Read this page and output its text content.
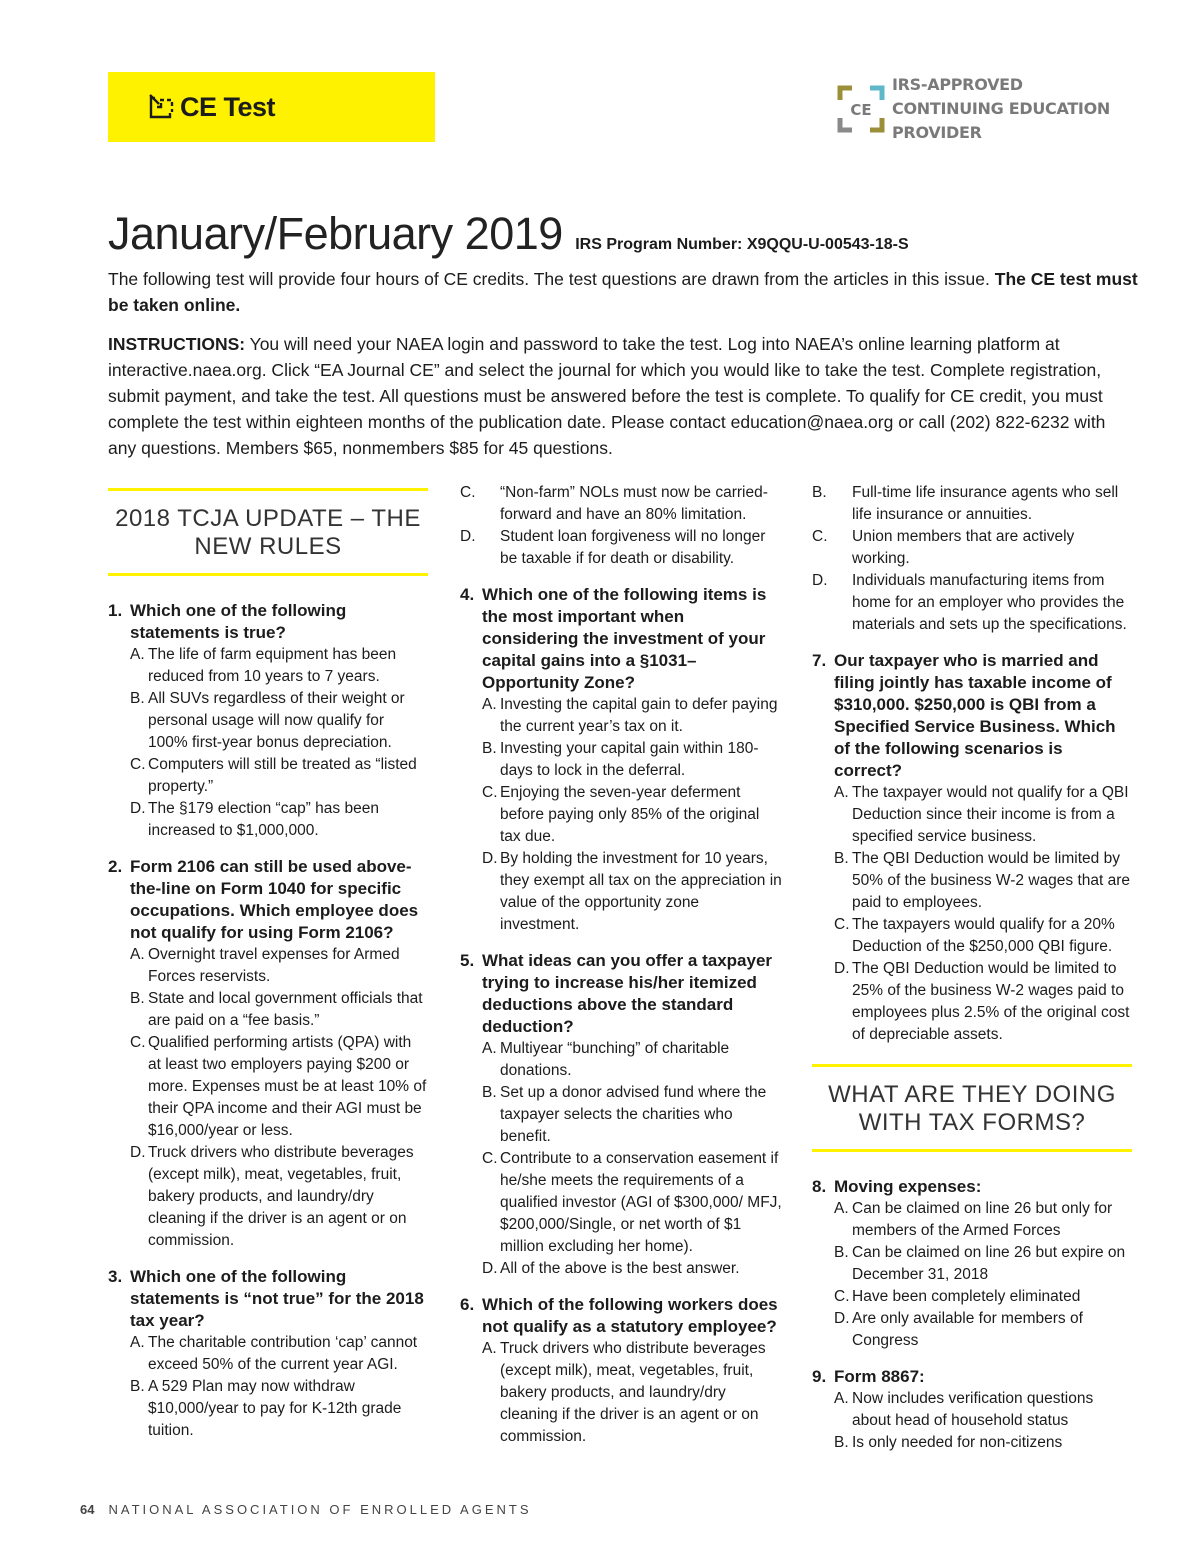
CE Test	CE
IRS-APPROVED
CONTINUING EDUCATION
PROVIDER
January/February 2019 IRS Program Number: X9QQU-U-00543-18-S
The following test will provide four hours of CE credits. The test questions are drawn from the articles in this issue. The CE test must be taken online.
INSTRUCTIONS: You will need your NAEA login and password to take the test. Log into NAEA’s online learning platform at interactive.naea.org. Click “EA Journal CE” and select the journal for which you would like to take the test. Complete registration, submit payment, and take the test. All questions must be answered before the test is complete. To qualify for CE credit, you must complete the test within eighteen months of the publication date. Please contact education@naea.org or call (202) 822-6232 with any questions. Members $65, nonmembers $85 for 45 questions.
2018 TCJA UPDATE – THE NEW RULES
1. Which one of the following statements is true?
A. The life of farm equipment has been reduced from 10 years to 7 years.
B. All SUVs regardless of their weight or personal usage will now qualify for 100% first-year bonus depreciation.
C. Computers will still be treated as “listed property.”
D. The §179 election “cap” has been increased to $1,000,000.
2. Form 2106 can still be used above-the-line on Form 1040 for specific occupations. Which employee does not qualify for using Form 2106?
A. Overnight travel expenses for Armed Forces reservists.
B. State and local government officials that are paid on a “fee basis.”
C. Qualified performing artists (QPA) with at least two employers paying $200 or more. Expenses must be at least 10% of their QPA income and their AGI must be $16,000/year or less.
D. Truck drivers who distribute beverages (except milk), meat, vegetables, fruit, bakery products, and laundry/dry cleaning if the driver is an agent or on commission.
3. Which one of the following statements is “not true” for the 2018 tax year?
A. The charitable contribution ‘cap’ cannot exceed 50% of the current year AGI.
B. A 529 Plan may now withdraw $10,000/year to pay for K-12th grade tuition.
C.	“Non-farm” NOLs must now be carried-forward and have an 80% limitation.
D.	Student loan forgiveness will no longer be taxable if for death or disability.
4. Which one of the following items is the most important when considering the investment of your capital gains into a §1031–Opportunity Zone?
A. Investing the capital gain to defer paying the current year’s tax on it.
B. Investing your capital gain within 180-days to lock in the deferral.
C. Enjoying the seven-year deferment before paying only 85% of the original tax due.
D. By holding the investment for 10 years, they exempt all tax on the appreciation in value of the opportunity zone investment.
5. What ideas can you offer a taxpayer trying to increase his/her itemized deductions above the standard deduction?
A. Multiyear “bunching” of charitable donations.
B. Set up a donor advised fund where the taxpayer selects the charities who benefit.
C. Contribute to a conservation easement if he/she meets the requirements of a qualified investor (AGI of $300,000/ MFJ, $200,000/Single, or net worth of $1 million excluding her home).
D. All of the above is the best answer.
6. Which of the following workers does not qualify as a statutory employee?
A. Truck drivers who distribute beverages (except milk), meat, vegetables, fruit, bakery products, and laundry/dry cleaning if the driver is an agent or on commission.
B.	Full-time life insurance agents who sell life insurance or annuities.
C.	Union members that are actively working.
D.	Individuals manufacturing items from home for an employer who provides the materials and sets up the specifications.
7. Our taxpayer who is married and filing jointly has taxable income of $310,000. $250,000 is QBI from a Specified Service Business. Which of the following scenarios is correct?
A. The taxpayer would not qualify for a QBI Deduction since their income is from a specified service business.
B. The QBI Deduction would be limited by 50% of the business W-2 wages that are paid to employees.
C. The taxpayers would qualify for a 20% Deduction of the $250,000 QBI figure.
D. The QBI Deduction would be limited to 25% of the business W-2 wages paid to employees plus 2.5% of the original cost of depreciable assets.
WHAT ARE THEY DOING WITH TAX FORMS?
8. Moving expenses:
A. Can be claimed on line 26 but only for members of the Armed Forces
B. Can be claimed on line 26 but expire on December 31, 2018
C. Have been completely eliminated
D. Are only available for members of Congress
9. Form 8867:
A. Now includes verification questions about head of household status
B. Is only needed for non-citizens
64 NATIONAL ASSOCIATION OF ENROLLED AGENTS
